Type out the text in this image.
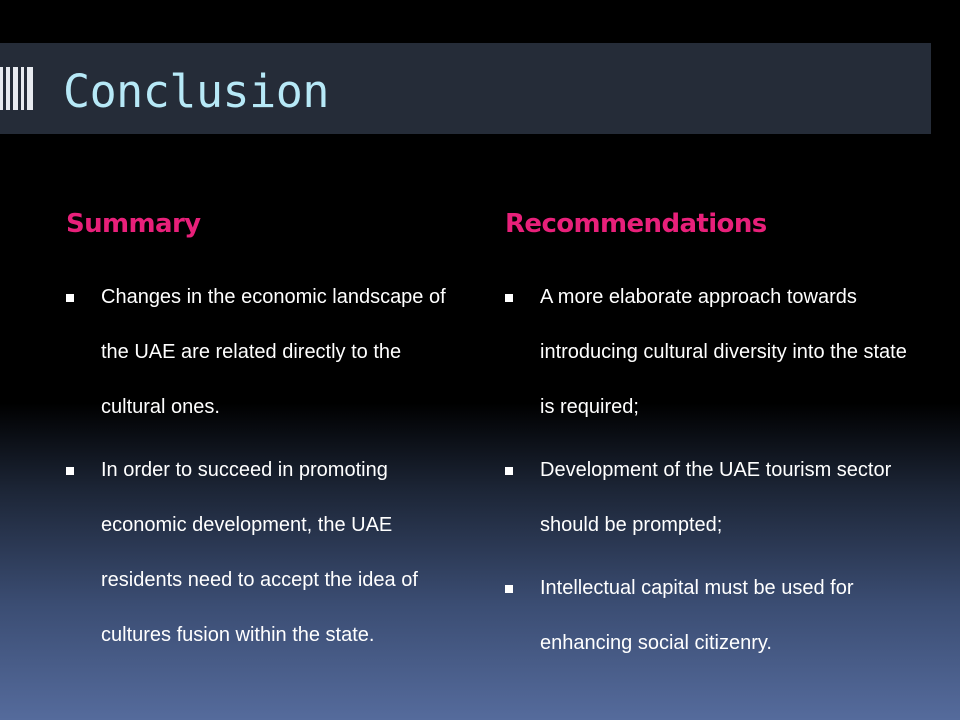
Conclusion
Summary
Changes in the economic landscape of the UAE are related directly to the cultural ones.
In order to succeed in promoting economic development, the UAE residents need to accept the idea of cultures fusion within the state.
Recommendations
A more elaborate approach towards introducing cultural diversity into the state is required;
Development of the UAE tourism sector should be prompted;
Intellectual capital must be used for enhancing social citizenry.
